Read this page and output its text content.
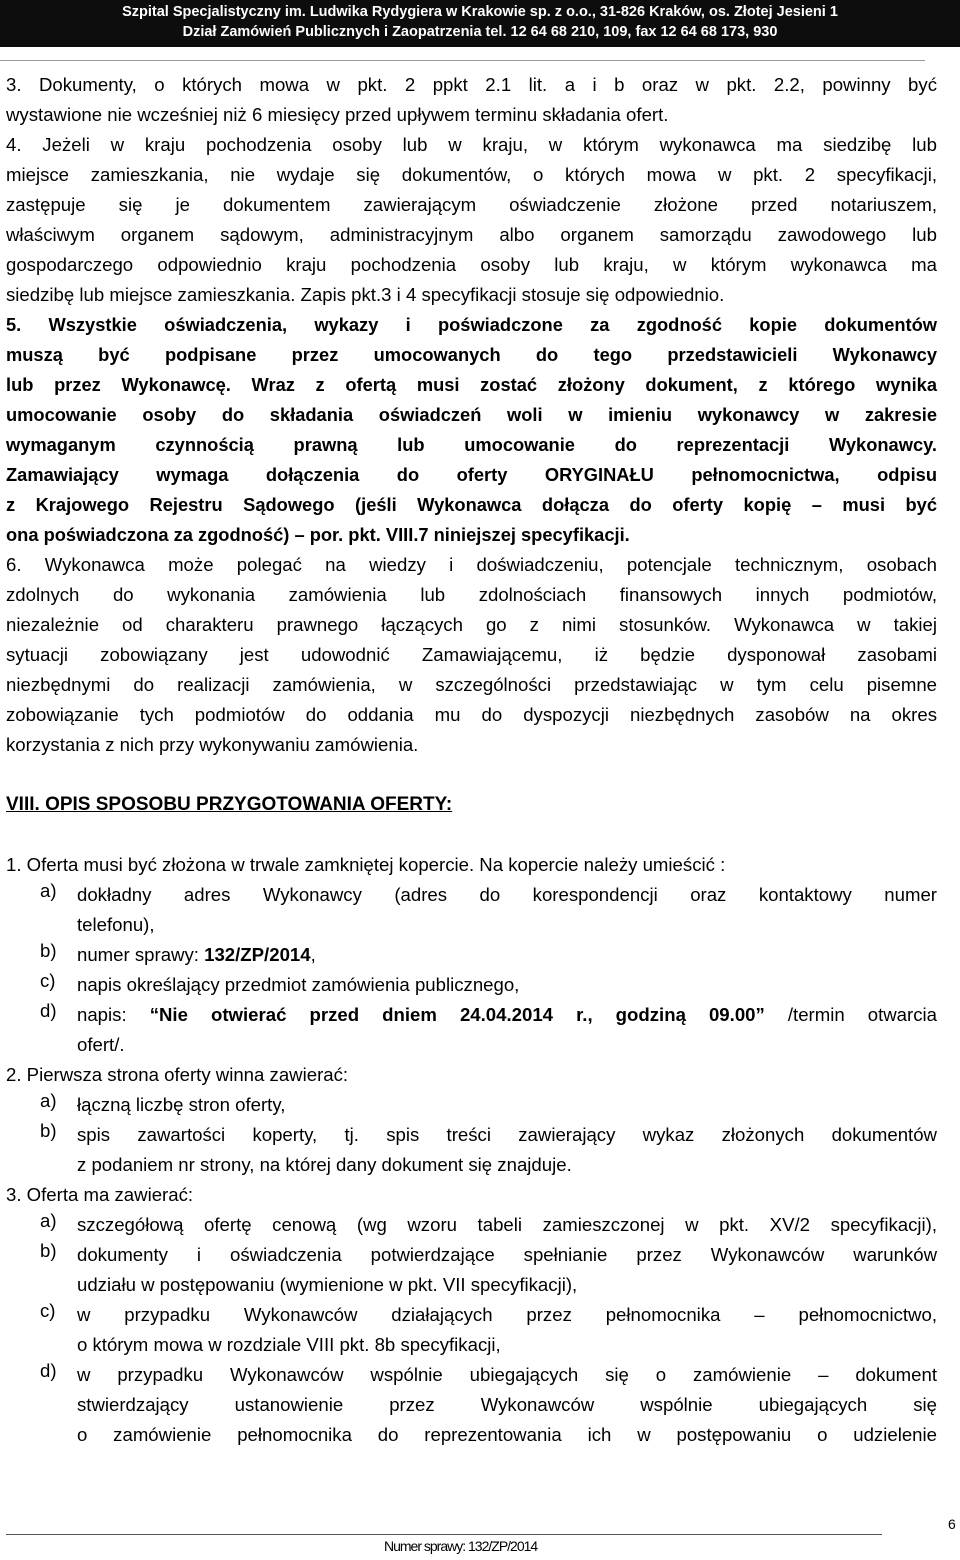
Szpital Specjalistyczny im. Ludwika Rydygiera w Krakowie sp. z o.o., 31-826 Kraków, os. Złotej Jesieni 1
Dział Zamówień Publicznych i Zaopatrzenia tel. 12 64 68 210, 109, fax 12 64 68 173, 930

3. Dokumenty, o których mowa w pkt. 2 ppkt 2.1 lit. a i b oraz w pkt. 2.2, powinny być

wystawione nie wcześniej niż 6 miesięcy przed upływem terminu składania ofert.

4. Jeżeli w kraju pochodzenia osoby lub w kraju, w którym wykonawca ma siedzibę lub

miejsce zamieszkania, nie wydaje się dokumentów, o których mowa w pkt. 2 specyfikacji,

zastępuje się je dokumentem zawierającym oświadczenie złożone przed notariuszem,

właściwym organem sądowym, administracyjnym albo organem samorządu zawodowego lub

gospodarczego odpowiednio kraju pochodzenia osoby lub kraju, w którym wykonawca ma

siedzibę lub miejsce zamieszkania. Zapis pkt.3 i 4 specyfikacji stosuje się odpowiednio.

5. Wszystkie oświadczenia, wykazy i poświadczone za zgodność kopie dokumentów

muszą być podpisane przez umocowanych do tego przedstawicieli Wykonawcy

lub przez Wykonawcę. Wraz z ofertą musi zostać złożony dokument, z którego wynika

umocowanie osoby do składania oświadczeń woli w imieniu wykonawcy w zakresie

wymaganym czynnością prawną lub umocowanie do reprezentacji Wykonawcy.

Zamawiający wymaga dołączenia do oferty ORYGINAŁU pełnomocnictwa, odpisu

z Krajowego Rejestru Sądowego (jeśli Wykonawca dołącza do oferty kopię – musi być

ona poświadczona za zgodność) – por. pkt. VIII.7 niniejszej specyfikacji.

6. Wykonawca może polegać na wiedzy i doświadczeniu, potencjale technicznym, osobach

zdolnych do wykonania zamówienia lub zdolnościach finansowych innych podmiotów,

niezależnie od charakteru prawnego łączących go z nimi stosunków. Wykonawca w takiej

sytuacji zobowiązany jest udowodnić Zamawiającemu, iż będzie dysponował zasobami

niezbędnymi do realizacji zamówienia, w szczególności przedstawiając w tym celu pisemne

zobowiązanie tych podmiotów do oddania mu do dyspozycji niezbędnych zasobów na okres

korzystania z nich przy wykonywaniu zamówienia.

VIII. OPIS SPOSOBU PRZYGOTOWANIA OFERTY:

1. Oferta musi być złożona w trwale zamkniętej kopercie. Na kopercie należy umieścić :

a) dokładny adres Wykonawcy (adres do korespondencji oraz kontaktowy numer

telefonu),

b) numer sprawy: 132/ZP/2014,

c) napis określający przedmiot zamówienia publicznego,

d) napis: “Nie otwierać przed dniem 24.04.2014 r., godziną 09.00” /termin otwarcia

ofert/.

2. Pierwsza strona oferty winna zawierać:

a) łączną liczbę stron oferty,

b) spis zawartości koperty, tj. spis treści zawierający wykaz złożonych dokumentów

z podaniem nr strony, na której dany dokument się znajduje.

3. Oferta ma zawierać:

a) szczegółową ofertę cenową (wg wzoru tabeli zamieszczonej w pkt. XV/2 specyfikacji),

b) dokumenty i oświadczenia potwierdzające spełnianie przez Wykonawców warunków

udziału w postępowaniu (wymienione w pkt. VII specyfikacji),

c) w przypadku Wykonawców działających przez pełnomocnika – pełnomocnictwo,

o którym mowa w rozdziale VIII pkt. 8b specyfikacji,

d) w przypadku Wykonawców wspólnie ubiegających się o zamówienie – dokument

stwierdzający ustanowienie przez Wykonawców wspólnie ubiegających się

o zamówienie pełnomocnika do reprezentowania ich w postępowaniu o udzielenie

6
Numer sprawy: 132/ZP/2014
